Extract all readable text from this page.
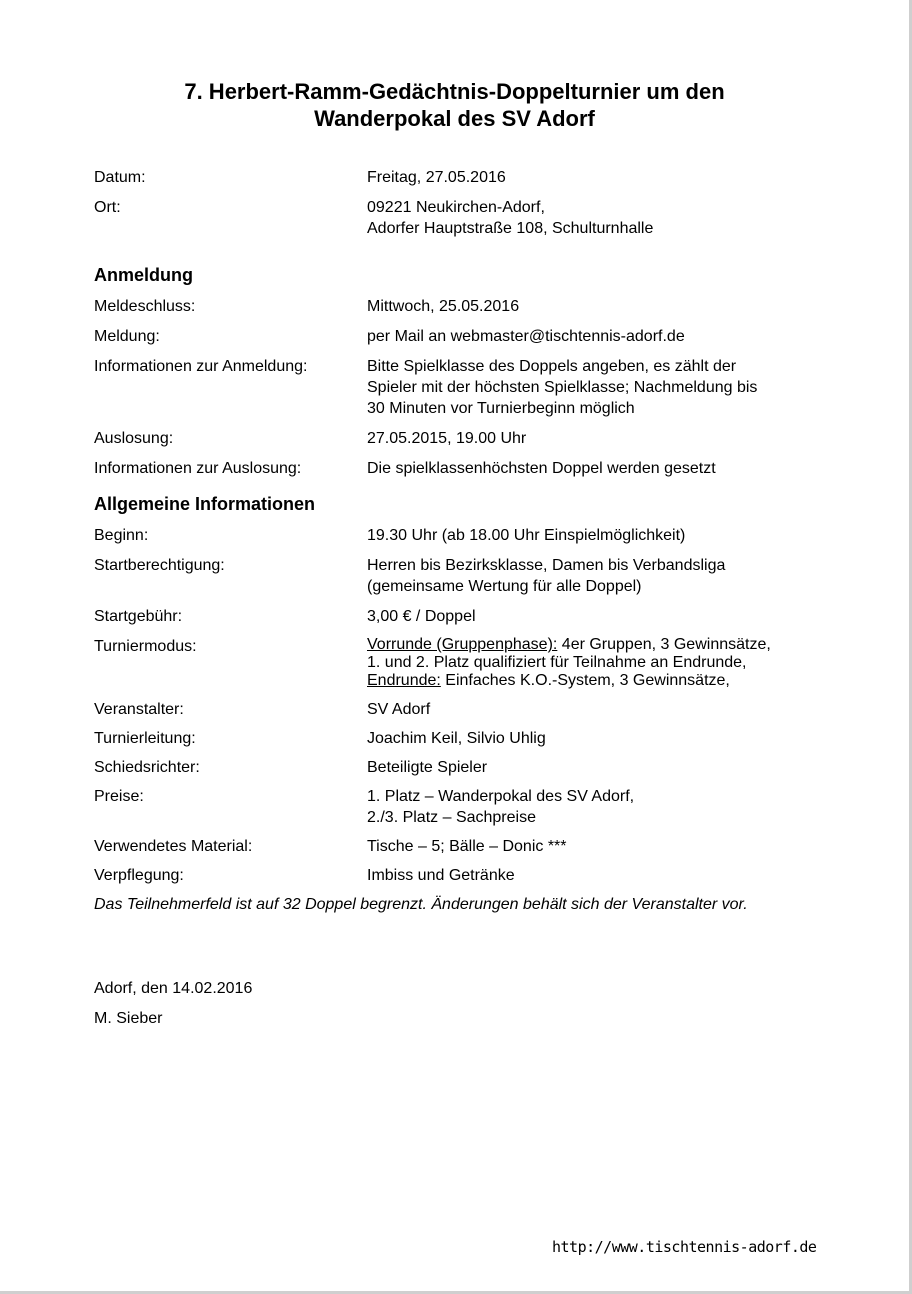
7. Herbert-Ramm-Gedächtnis-Doppelturnier um den
Wanderpokal des SV Adorf
Datum:	Freitag, 27.05.2016
Ort:	09221 Neukirchen-Adorf,
Adorfer Hauptstraße 108, Schulturnhalle
Anmeldung
Meldeschluss:	Mittwoch, 25.05.2016
Meldung:	per Mail an webmaster@tischtennis-adorf.de
Informationen zur Anmeldung:	Bitte Spielklasse des Doppels angeben, es zählt der
Spieler mit der höchsten Spielklasse; Nachmeldung bis
30 Minuten vor Turnierbeginn möglich
Auslosung:	27.05.2015, 19.00 Uhr
Informationen zur Auslosung:	Die spielklassenhöchsten Doppel werden gesetzt
Allgemeine Informationen
Beginn:	19.30 Uhr (ab 18.00 Uhr Einspielmöglichkeit)
Startberechtigung:	Herren bis Bezirksklasse, Damen bis Verbandsliga
(gemeinsame Wertung für alle Doppel)
Startgebühr:	3,00 € / Doppel
Turniermodus:	Vorrunde (Gruppenphase): 4er Gruppen, 3 Gewinnsätze,
1. und 2. Platz qualifiziert für Teilnahme an Endrunde,
Endrunde: Einfaches K.O.-System, 3 Gewinnsätze,
Veranstalter:	SV Adorf
Turnierleitung:	Joachim Keil, Silvio Uhlig
Schiedsrichter:	Beteiligte Spieler
Preise:	1. Platz – Wanderpokal des SV Adorf,
2./3. Platz – Sachpreise
Verwendetes Material:	Tische – 5; Bälle – Donic ***
Verpflegung:	Imbiss und Getränke
Das Teilnehmerfeld ist auf 32 Doppel begrenzt. Änderungen behält sich der Veranstalter vor.
Adorf, den 14.02.2016
M. Sieber
http://www.tischtennis-adorf.de
